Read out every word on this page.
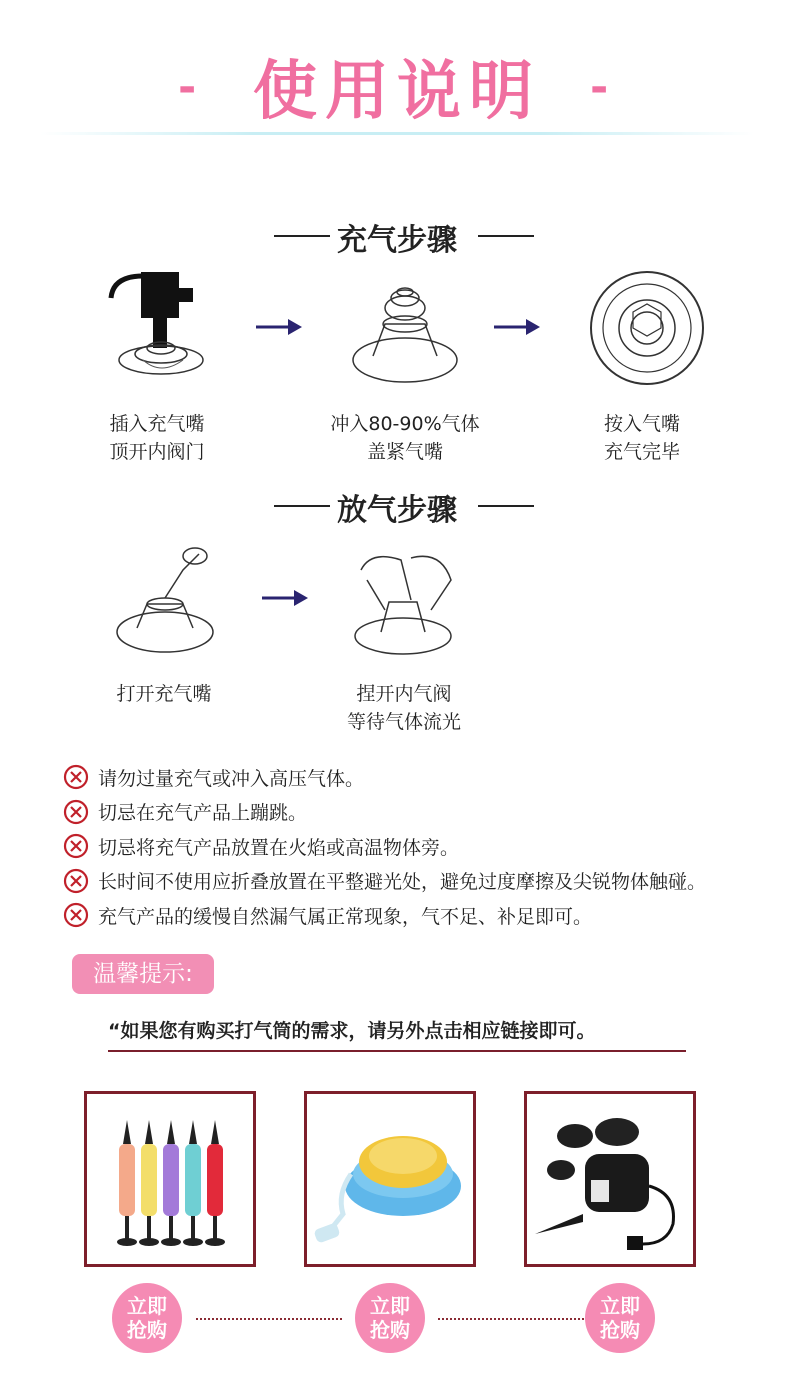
- 使用说明	-
充气步骤
插入充气嘴
顶开内阀门
冲入80-90%气体
盖紧气嘴
按入气嘴
充气完毕
放气步骤
打开充气嘴	捏开内气阀
等待气体流光
请勿过量充气或冲入高压气体。
切忌在充气产品上蹦跳。
切忌将充气产品放置在火焰或高温物体旁。
长时间不使用应折叠放置在平整避光处，避免过度摩擦及尖锐物体触碰。
充气产品的缓慢自然漏气属正常现象，气不足、补足即可。
温馨提示:
“如果您有购买打气筒的需求，请另外点击相应链接即可。
立即
抢购
立即
抢购
立即
抢购
